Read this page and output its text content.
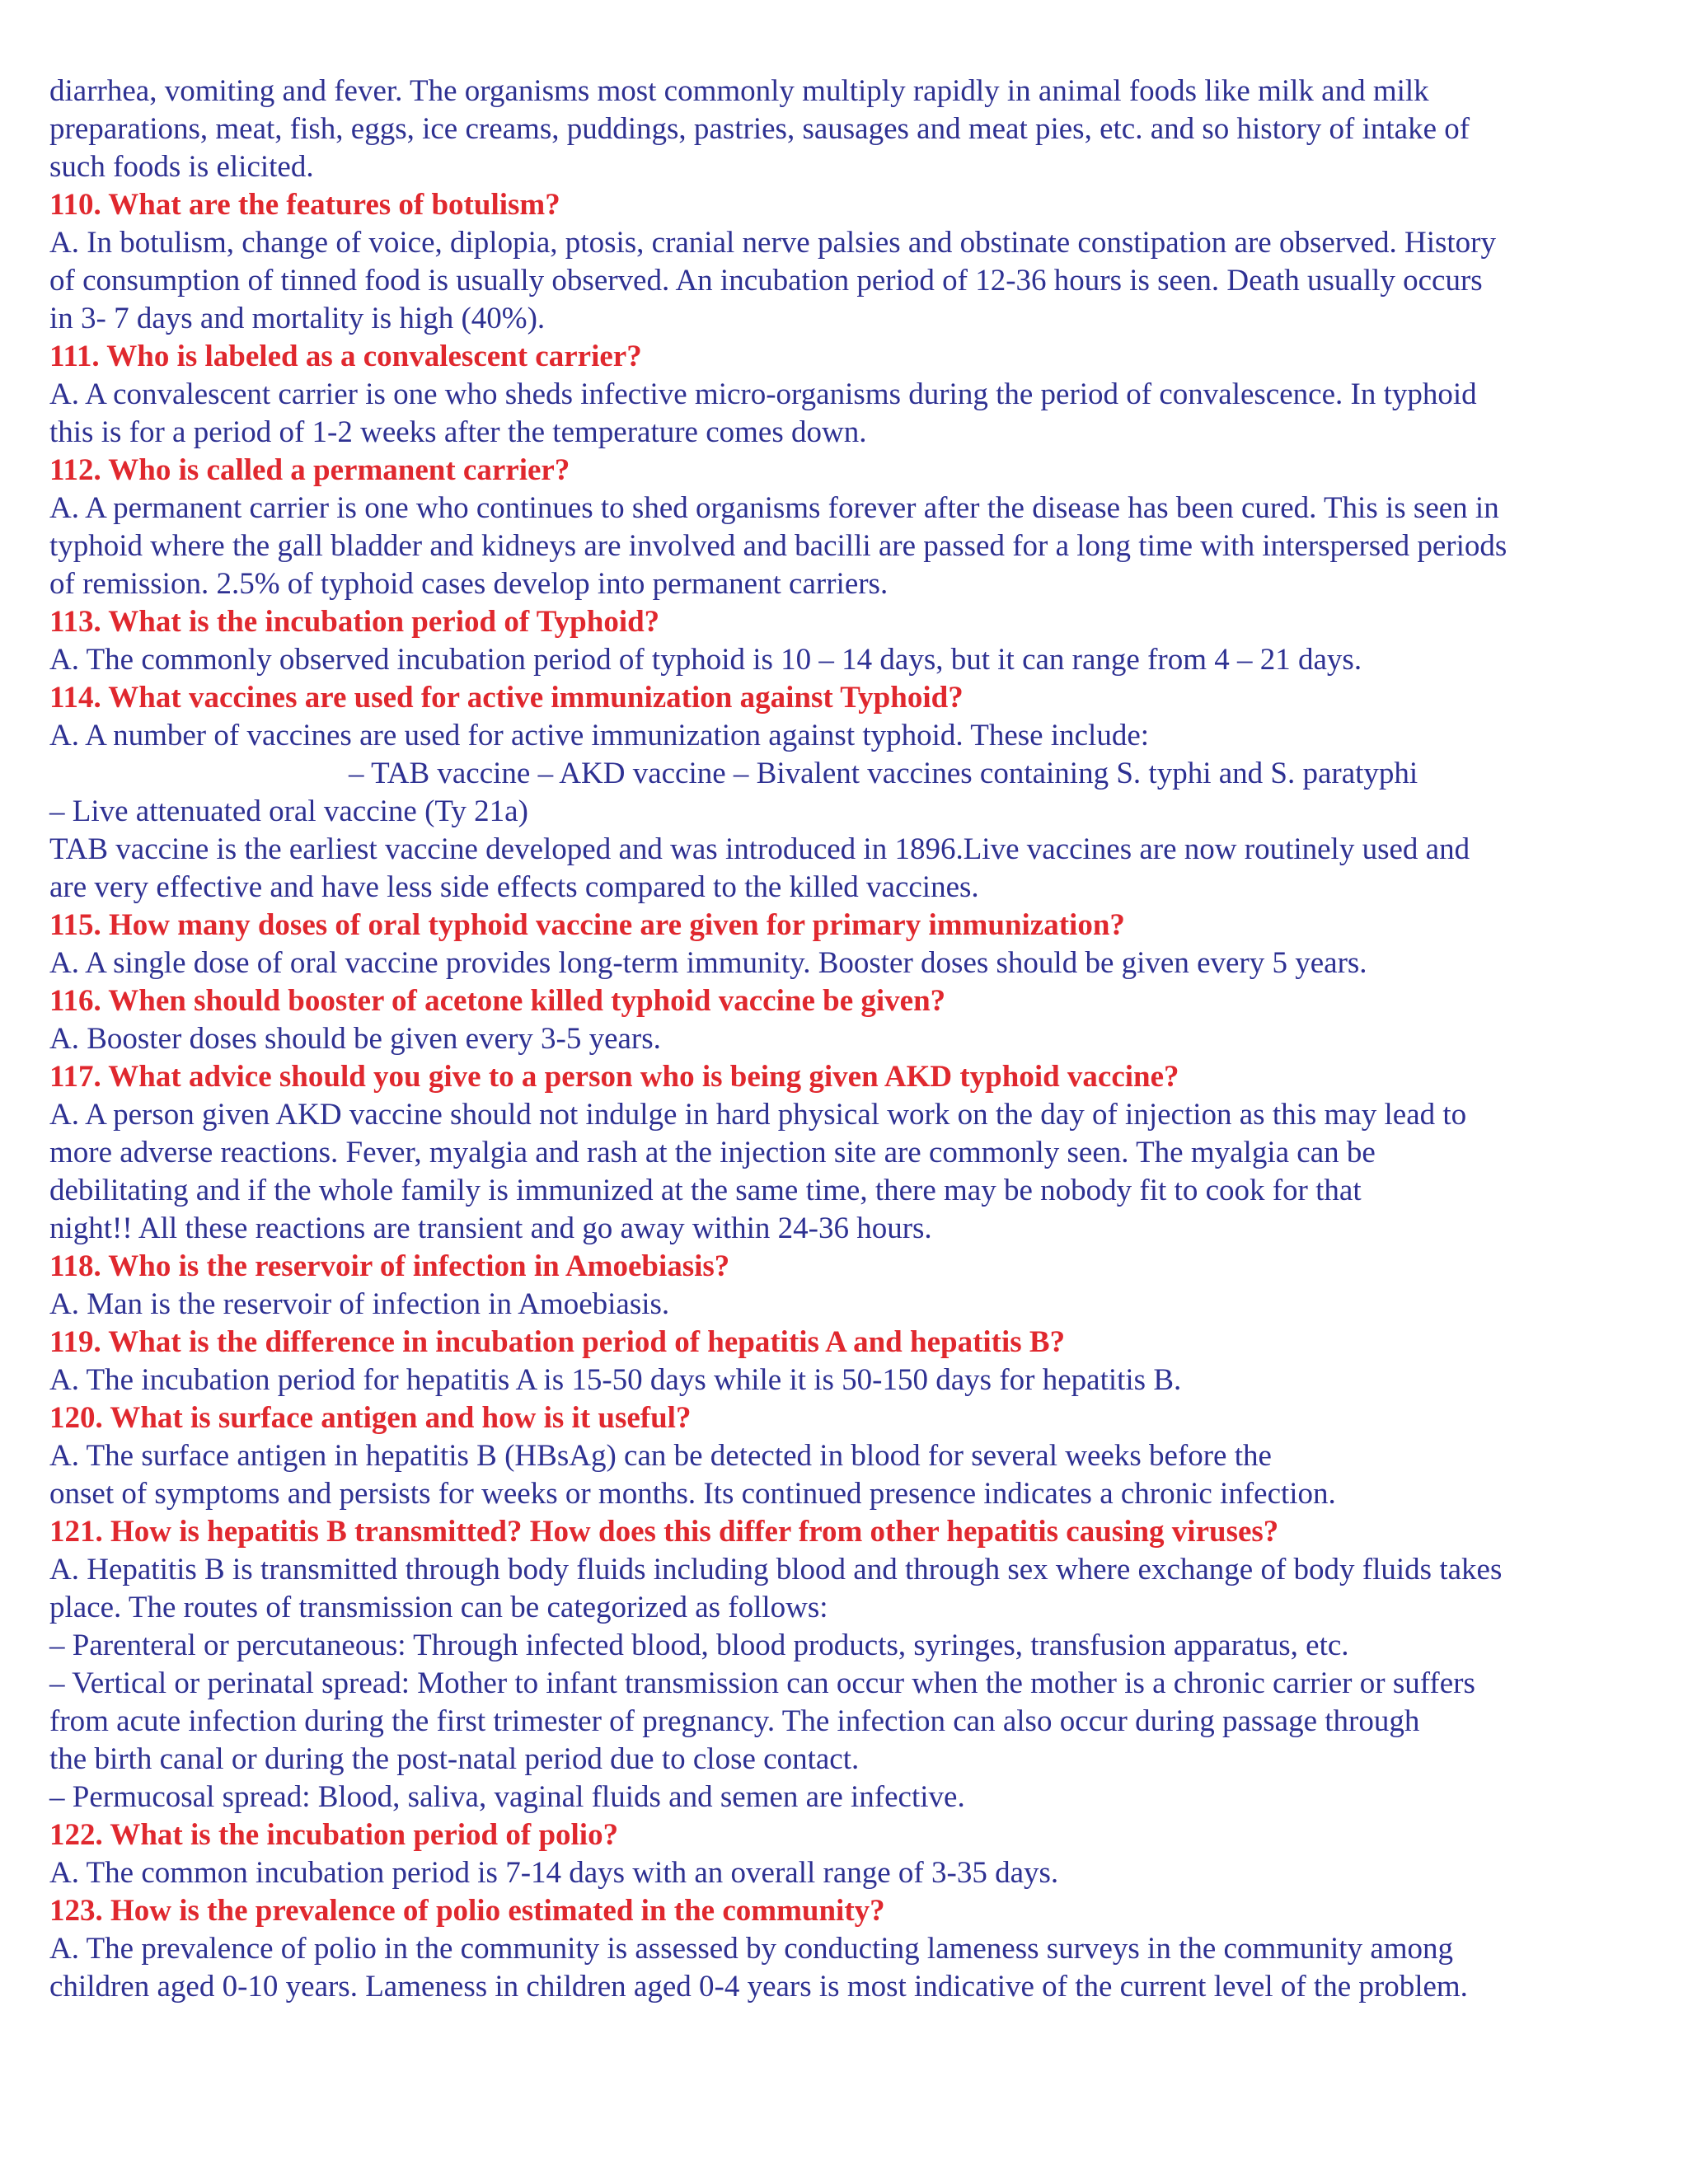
diarrhea, vomiting and fever. The organisms most commonly multiply rapidly in animal foods like milk and milk
preparations, meat, fish, eggs, ice creams, puddings, pastries, sausages and meat pies, etc. and so history of intake of
such foods is elicited.
110. What are the features of botulism?
A. In botulism, change of voice, diplopia, ptosis, cranial nerve palsies and obstinate constipation are observed. History
of consumption of tinned food is usually observed. An incubation period of 12-36 hours is seen. Death usually occurs
in 3- 7 days and mortality is high (40%).
111. Who is labeled as a convalescent carrier?
A. A convalescent carrier is one who sheds infective micro-organisms during the period of convalescence. In typhoid
this is for a period of 1-2 weeks after the temperature comes down.
112. Who is called a permanent carrier?
A. A permanent carrier is one who continues to shed organisms forever after the disease has been cured. This is seen in
typhoid where the gall bladder and kidneys are involved and bacilli are passed for a long time with interspersed periods
of remission. 2.5% of typhoid cases develop into permanent carriers.
113. What is the incubation period of Typhoid?
A. The commonly observed incubation period of typhoid is 10 – 14 days, but it can range from 4 – 21 days.
114. What vaccines are used for active immunization against Typhoid?
A. A number of vaccines are used for active immunization against typhoid. These include:
– TAB vaccine – AKD vaccine – Bivalent vaccines containing S. typhi and S. paratyphi
– Live attenuated oral vaccine (Ty 21a)
TAB vaccine is the earliest vaccine developed and was introduced in 1896.Live vaccines are now routinely used and
are very effective and have less side effects compared to the killed vaccines.
115. How many doses of oral typhoid vaccine are given for primary immunization?
A. A single dose of oral vaccine provides long-term immunity. Booster doses should be given every 5 years.
116. When should booster of acetone killed typhoid vaccine be given?
A. Booster doses should be given every 3-5 years.
117. What advice should you give to a person who is being given AKD typhoid vaccine?
A. A person given AKD vaccine should not indulge in hard physical work on the day of injection as this may lead to
more adverse reactions. Fever, myalgia and rash at the injection site are commonly seen. The myalgia can be
debilitating and if the whole family is immunized at the same time, there may be nobody fit to cook for that
night!! All these reactions are transient and go away within 24-36 hours.
118. Who is the reservoir of infection in Amoebiasis?
A. Man is the reservoir of infection in Amoebiasis.
119. What is the difference in incubation period of hepatitis A and hepatitis B?
A. The incubation period for hepatitis A is 15-50 days while it is 50-150 days for hepatitis B.
120. What is surface antigen and how is it useful?
A. The surface antigen in hepatitis B (HBsAg) can be detected in blood for several weeks before the
onset of symptoms and persists for weeks or months. Its continued presence indicates a chronic infection.
121. How is hepatitis B transmitted? How does this differ from other hepatitis causing viruses?
A. Hepatitis B is transmitted through body fluids including blood and through sex where exchange of body fluids takes
place. The routes of transmission can be categorized as follows:
– Parenteral or percutaneous: Through infected blood, blood products, syringes, transfusion apparatus, etc.
– Vertical or perinatal spread: Mother to infant transmission can occur when the mother is a chronic carrier or suffers
from acute infection during the first trimester of pregnancy. The infection can also occur during passage through
the birth canal or during the post-natal period due to close contact.
– Permucosal spread: Blood, saliva, vaginal fluids and semen are infective.
122. What is the incubation period of polio?
A. The common incubation period is 7-14 days with an overall range of 3-35 days.
123. How is the prevalence of polio estimated in the community?
A. The prevalence of polio in the community is assessed by conducting lameness surveys in the community among
children aged 0-10 years. Lameness in children aged 0-4 years is most indicative of the current level of the problem.
